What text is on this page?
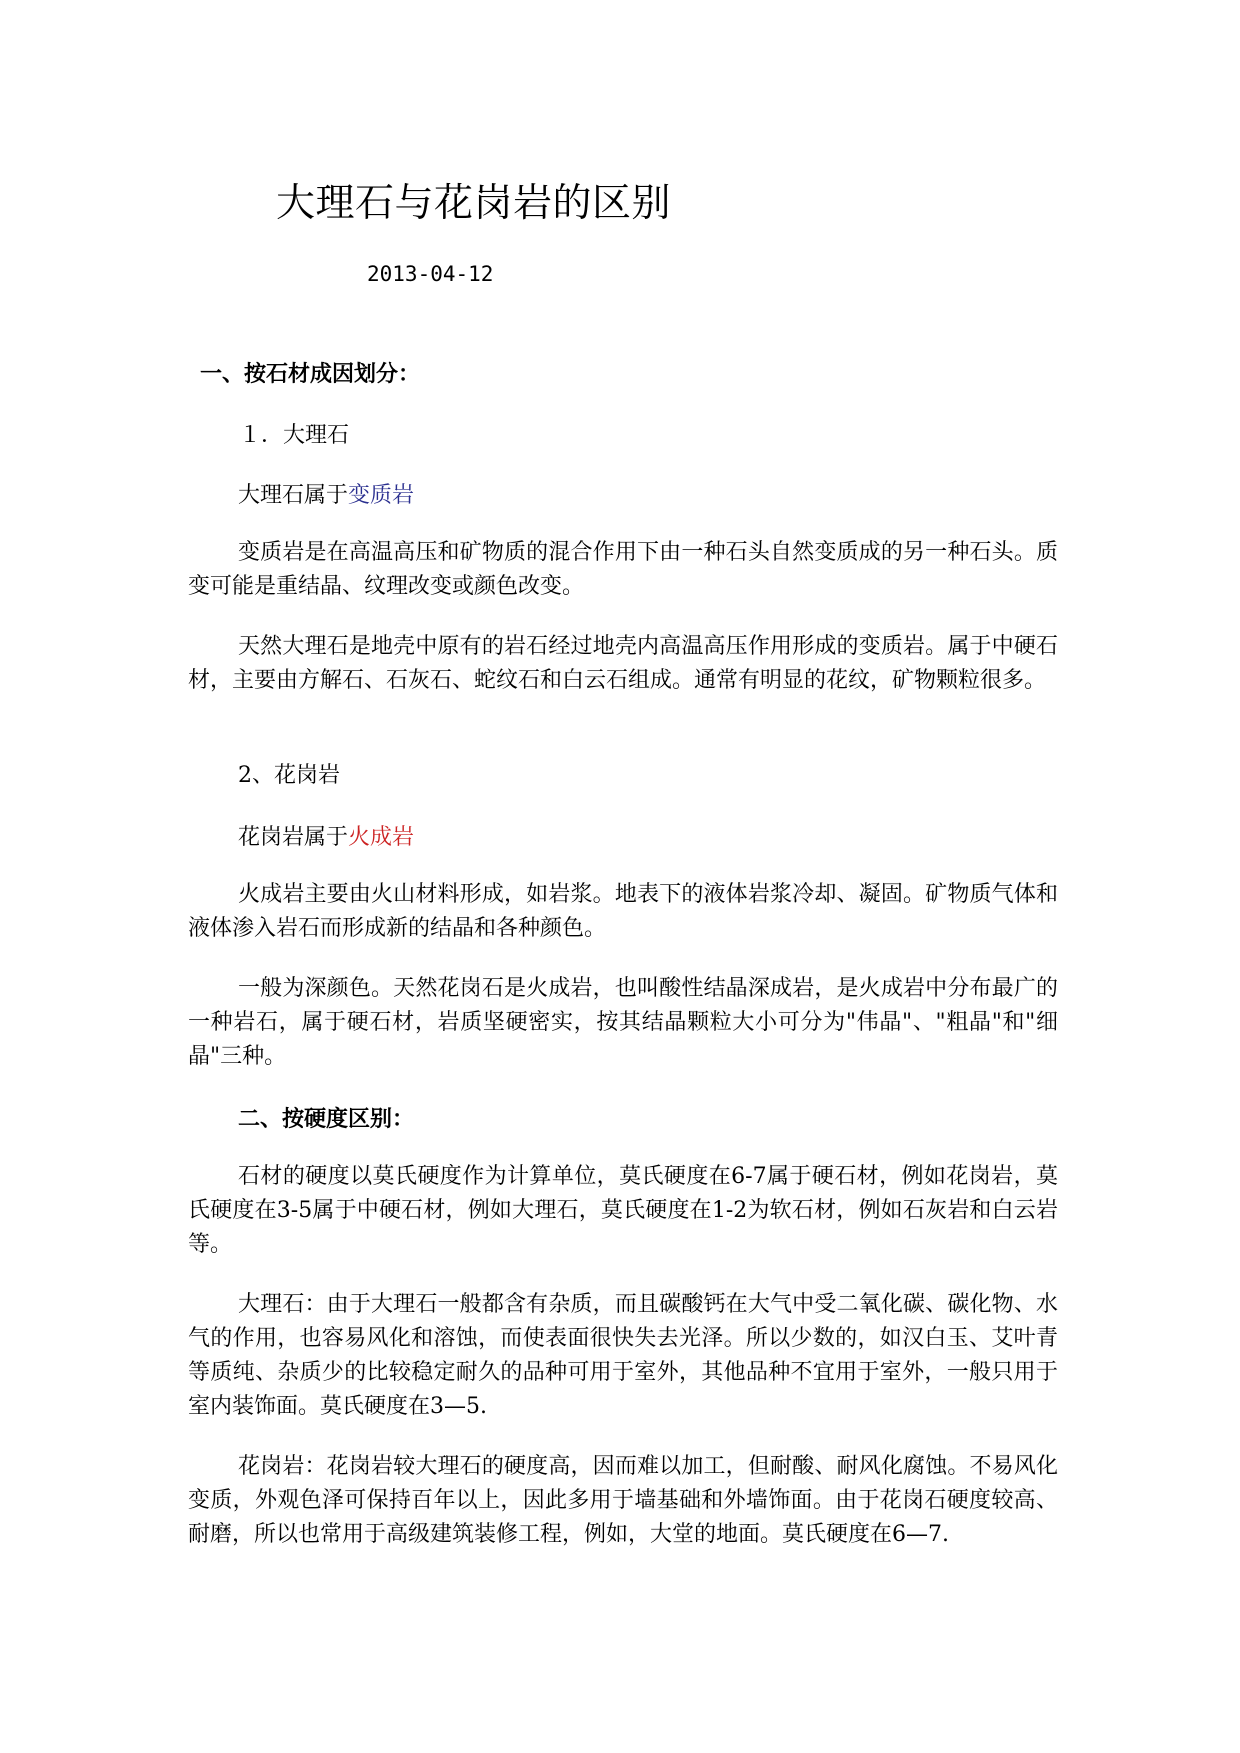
大理石与花岗岩的区别
2013-04-12
一、按石材成因划分：
１．大理石
大理石属于变质岩
变质岩是在高温高压和矿物质的混合作用下由一种石头自然变质成的另一种石头。质变可能是重结晶、纹理改变或颜色改变。
天然大理石是地壳中原有的岩石经过地壳内高温高压作用形成的变质岩。属于中硬石材，主要由方解石、石灰石、蛇纹石和白云石组成。通常有明显的花纹，矿物颗粒很多。
2、花岗岩
花岗岩属于火成岩
火成岩主要由火山材料形成，如岩浆。地表下的液体岩浆冷却、凝固。矿物质气体和液体渗入岩石而形成新的结晶和各种颜色。
一般为深颜色。天然花岗石是火成岩，也叫酸性结晶深成岩，是火成岩中分布最广的一种岩石，属于硬石材，岩质坚硬密实，按其结晶颗粒大小可分为"伟晶"、"粗晶"和"细晶"三种。
二、按硬度区别：
石材的硬度以莫氏硬度作为计算单位，莫氏硬度在6-7属于硬石材，例如花岗岩，莫氏硬度在3-5属于中硬石材，例如大理石，莫氏硬度在1-2为软石材，例如石灰岩和白云岩等。
大理石：由于大理石一般都含有杂质，而且碳酸钙在大气中受二氧化碳、碳化物、水气的作用，也容易风化和溶蚀，而使表面很快失去光泽。所以少数的，如汉白玉、艾叶青等质纯、杂质少的比较稳定耐久的品种可用于室外，其他品种不宜用于室外，一般只用于室内装饰面。莫氏硬度在3—5.
花岗岩：花岗岩较大理石的硬度高，因而难以加工，但耐酸、耐风化腐蚀。不易风化变质，外观色泽可保持百年以上，因此多用于墙基础和外墙饰面。由于花岗石硬度较高、耐磨，所以也常用于高级建筑装修工程，例如，大堂的地面。莫氏硬度在6—7.
